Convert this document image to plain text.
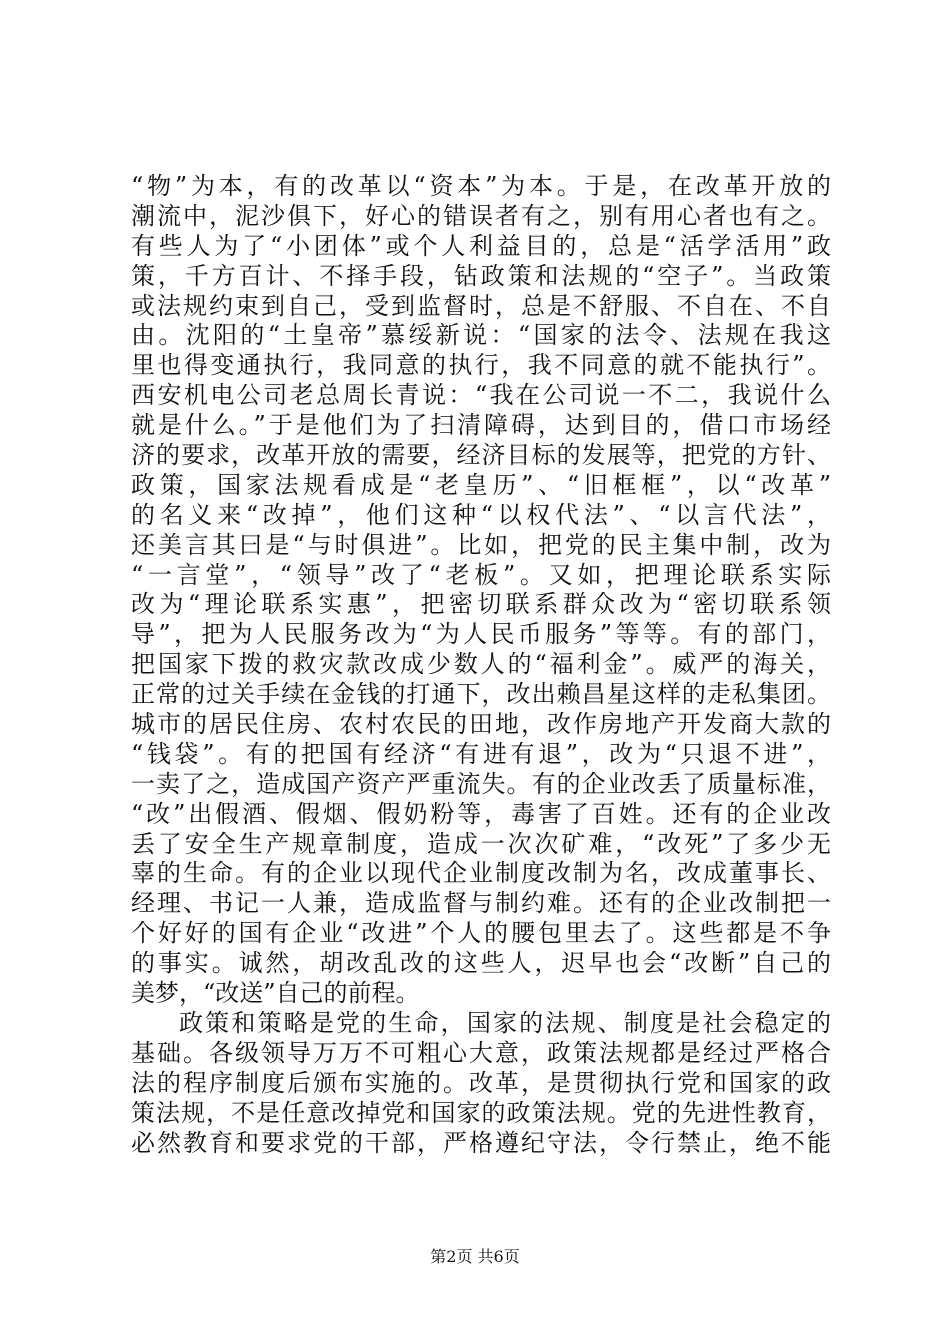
“物”为本，有的改革以“资本”为本。于是，在改革开放的
潮流中，泥沙俱下，好心的错误者有之，别有用心者也有之。
有些人为了“小团体”或个人利益目的，总是“活学活用”政
策，千方百计、不择手段，钻政策和法规的“空子”。当政策
或法规约束到自己，受到监督时，总是不舒服、不自在、不自
由。沈阳的“土皇帝”慕绥新说：“国家的法令、法规在我这
里也得变通执行，我同意的执行，我不同意的就不能执行”。
西安机电公司老总周长青说：“我在公司说一不二，我说什么
就是什么。”于是他们为了扫清障碍，达到目的，借口市场经
济的要求，改革开放的需要，经济目标的发展等，把党的方针、
政策，国家法规看成是“老皇历”、“旧框框”，以“改革”
的名义来“改掉”，他们这种“以权代法”、“以言代法”，
还美言其曰是“与时俱进”。比如，把党的民主集中制，改为
“一言堂”，“领导”改了“老板”。又如，把理论联系实际
改为“理论联系实惠”，把密切联系群众改为“密切联系领
导”，把为人民服务改为“为人民币服务”等等。有的部门，
把国家下拨的救灾款改成少数人的“福利金”。威严的海关，
正常的过关手续在金钱的打通下，改出赖昌星这样的走私集团。
城市的居民住房、农村农民的田地，改作房地产开发商大款的
“钱袋”。有的把国有经济“有进有退”，改为“只退不进”，
一卖了之，造成国产资产严重流失。有的企业改丢了质量标准，
“改”出假酒、假烟、假奶粉等，毒害了百姓。还有的企业改
丢了安全生产规章制度，造成一次次矿难，“改死”了多少无
辜的生命。有的企业以现代企业制度改制为名，改成董事长、
经理、书记一人兼，造成监督与制约难。还有的企业改制把一
个好好的国有企业“改进”个人的腰包里去了。这些都是不争
的事实。诚然，胡改乱改的这些人，迟早也会“改断”自己的
美梦，“改送”自己的前程。
政策和策略是党的生命，国家的法规、制度是社会稳定的
基础。各级领导万万不可粗心大意，政策法规都是经过严格合
法的程序制度后颁布实施的。改革，是贯彻执行党和国家的政
策法规，不是任意改掉党和国家的政策法规。党的先进性教育，
必然教育和要求党的干部，严格遵纪守法，令行禁止，绝不能
第2页 共6页
